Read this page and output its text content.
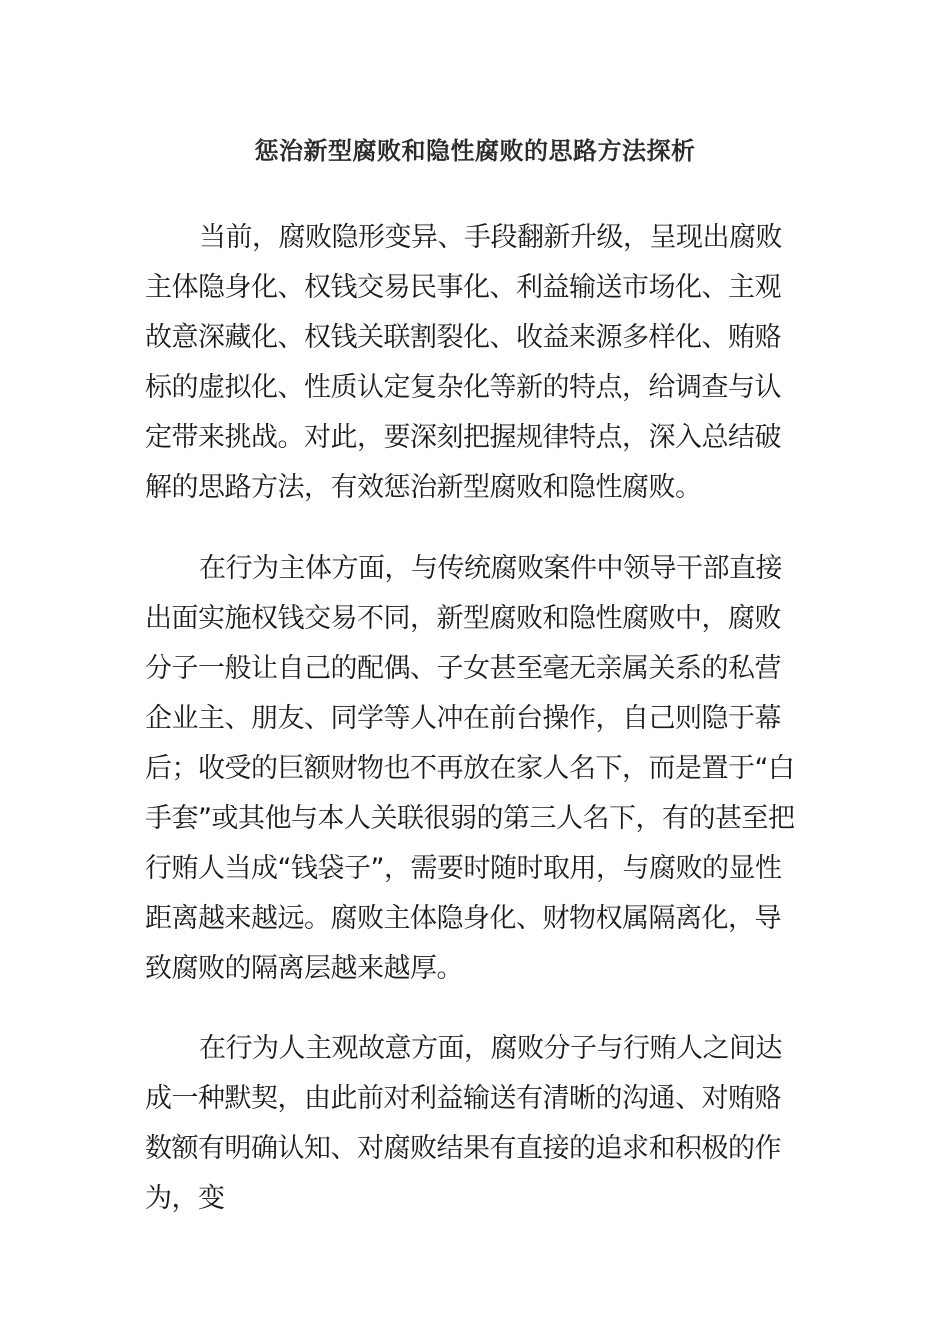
惩治新型腐败和隐性腐败的思路方法探析

当前，腐败隐形变异、手段翻新升级，呈现出腐败主体隐身化、权钱交易民事化、利益输送市场化、主观故意深藏化、权钱关联割裂化、收益来源多样化、贿赂标的虚拟化、性质认定复杂化等新的特点，给调查与认定带来挑战。对此，要深刻把握规律特点，深入总结破解的思路方法，有效惩治新型腐败和隐性腐败。

在行为主体方面，与传统腐败案件中领导干部直接出面实施权钱交易不同，新型腐败和隐性腐败中，腐败分子一般让自己的配偶、子女甚至毫无亲属关系的私营企业主、朋友、同学等人冲在前台操作，自己则隐于幕后；收受的巨额财物也不再放在家人名下，而是置于“白手套”或其他与本人关联很弱的第三人名下，有的甚至把行贿人当成“钱袋子”，需要时随时取用，与腐败的显性距离越来越远。腐败主体隐身化、财物权属隔离化，导致腐败的隔离层越来越厚。

在行为人主观故意方面，腐败分子与行贿人之间达成一种默契，由此前对利益输送有清晰的沟通、对贿赂数额有明确认知、对腐败结果有直接的追求和积极的作为，变
